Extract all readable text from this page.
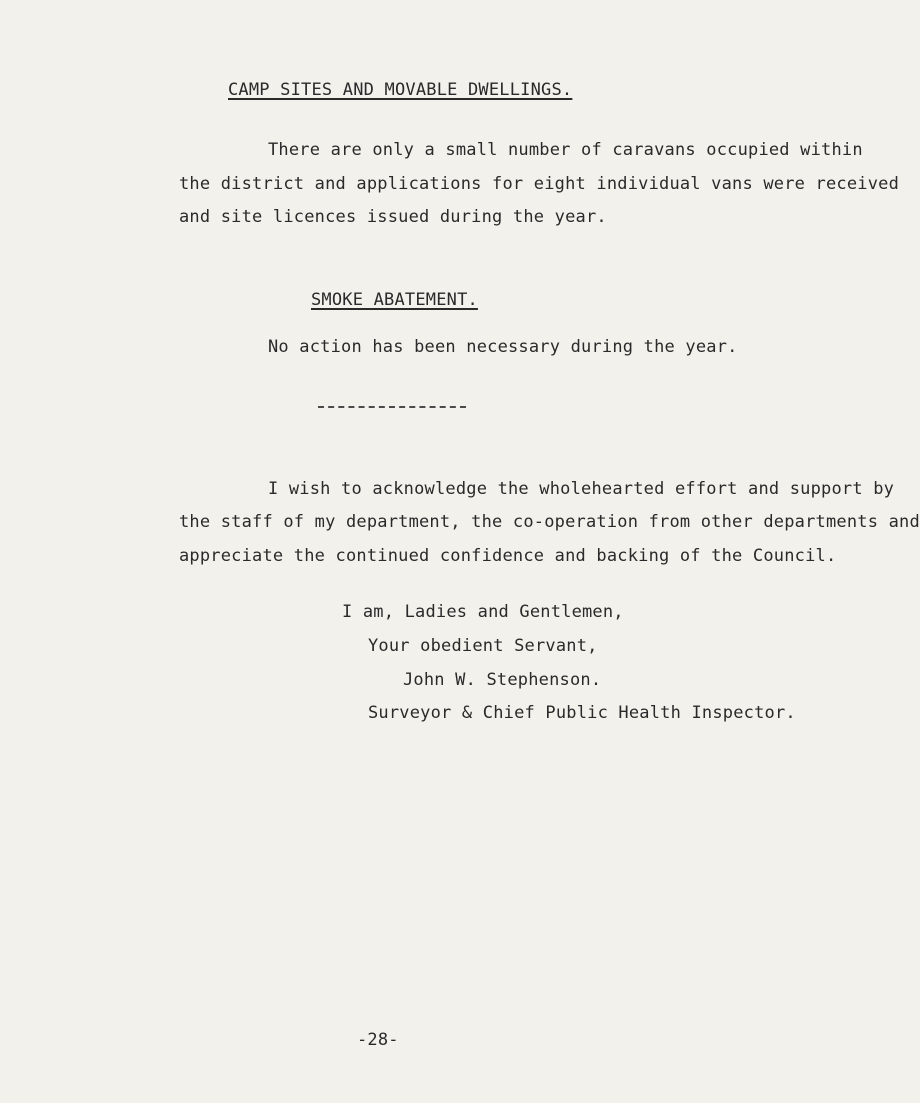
CAMP SITES AND MOVABLE DWELLINGS.
There are only a small number of caravans occupied within
the district and applications for eight individual vans were received
and site licences issued during the year.
SMOKE ABATEMENT.
No action has been necessary during the year.
I wish to acknowledge the wholehearted effort and support by
the staff of my department, the co-operation from other departments and
appreciate the continued confidence and backing of the Council.
I am, Ladies and Gentlemen,
Your obedient Servant,
John W. Stephenson.
Surveyor & Chief Public Health Inspector.
-28-
